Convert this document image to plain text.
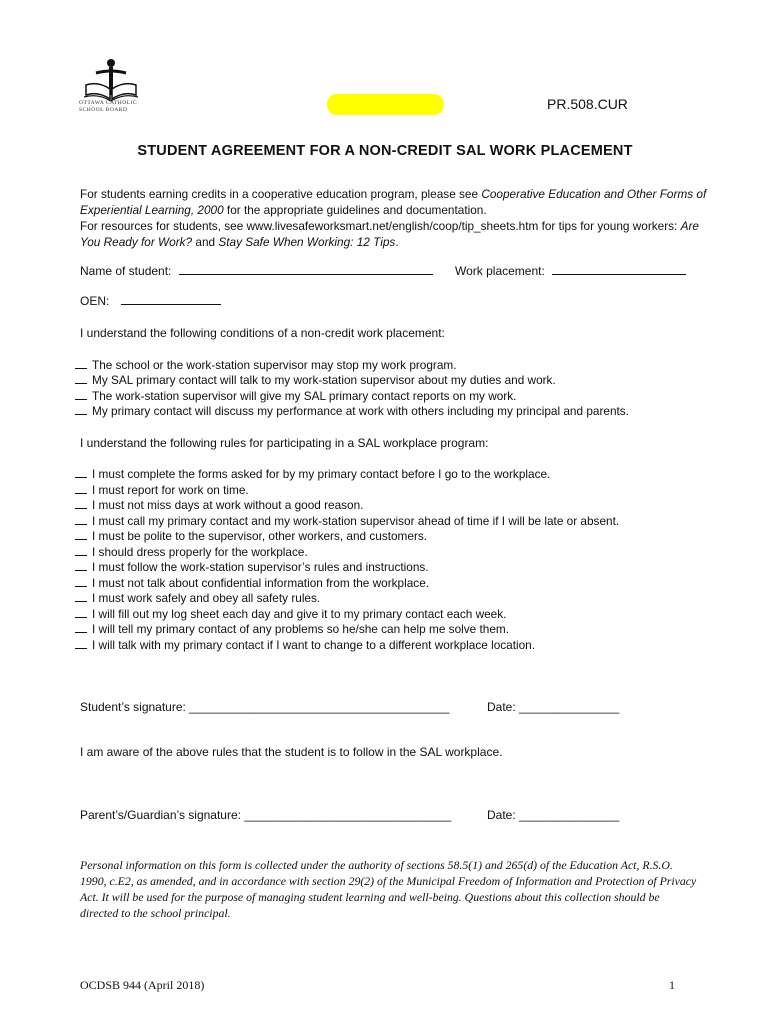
OTTAWA CATHOLIC
SCHOOL BOARD	PR.508.CUR
STUDENT AGREEMENT FOR A NON-CREDIT SAL WORK PLACEMENT
For students earning credits in a cooperative education program, please see Cooperative Education and Other Forms of Experiential Learning, 2000 for the appropriate guidelines and documentation.
For resources for students, see www.livesafeworksmart.net/english/coop/tip_sheets.htm for tips for young workers: Are You Ready for Work? and Stay Safe When Working: 12 Tips.
Name of student:	Work placement:
OEN:
I understand the following conditions of a non-credit work placement:
The school or the work-station supervisor may stop my work program.
My SAL primary contact will talk to my work-station supervisor about my duties and work.
The work-station supervisor will give my SAL primary contact reports on my work.
My primary contact will discuss my performance at work with others including my principal and parents.
I understand the following rules for participating in a SAL workplace program:
I must complete the forms asked for by my primary contact before I go to the workplace.
I must report for work on time.
I must not miss days at work without a good reason.
I must call my primary contact and my work-station supervisor ahead of time if I will be late or absent.
I must be polite to the supervisor, other workers, and customers.
I should dress properly for the workplace.
I must follow the work-station supervisor’s rules and instructions.
I must not talk about confidential information from the workplace.
I must work safely and obey all safety rules.
I will fill out my log sheet each day and give it to my primary contact each week.
I will tell my primary contact of any problems so he/she can help me solve them.
I will talk with my primary contact if I want to change to a different workplace location.
Student’s signature: _______________________________________	Date: _______________
I am aware of the above rules that the student is to follow in the SAL workplace.
Parent’s/Guardian’s signature: _______________________________	Date: _______________
Personal information on this form is collected under the authority of sections 58.5(1) and 265(d) of the Education Act, R.S.O. 1990, c.E2, as amended, and in accordance with section 29(2) of the Municipal Freedom of Information and Protection of Privacy Act. It will be used for the purpose of managing student learning and well-being. Questions about this collection should be directed to the school principal.
OCDSB 944 (April 2018)	1
